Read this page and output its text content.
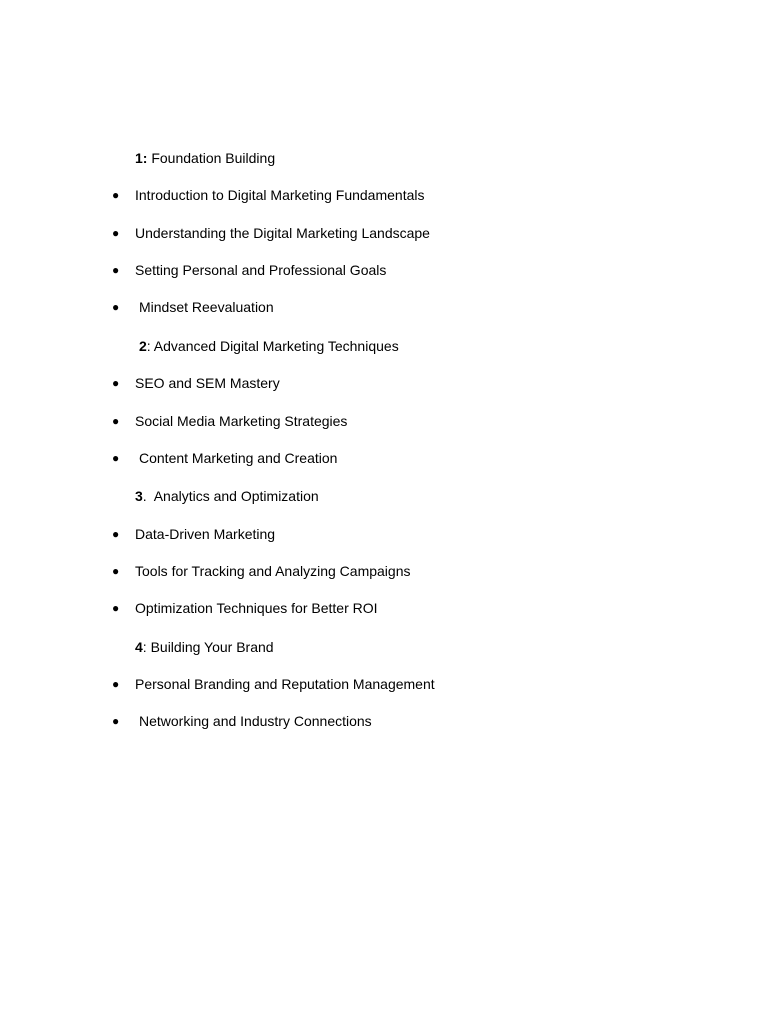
1: Foundation Building
● Introduction to Digital Marketing Fundamentals
● Understanding the Digital Marketing Landscape
● Setting Personal and Professional Goals
● Mindset Reevaluation
2: Advanced Digital Marketing Techniques
● SEO and SEM Mastery
● Social Media Marketing Strategies
● Content Marketing and Creation
3.  Analytics and Optimization
● Data-Driven Marketing
● Tools for Tracking and Analyzing Campaigns
● Optimization Techniques for Better ROI
4: Building Your Brand
● Personal Branding and Reputation Management
● Networking and Industry Connections
